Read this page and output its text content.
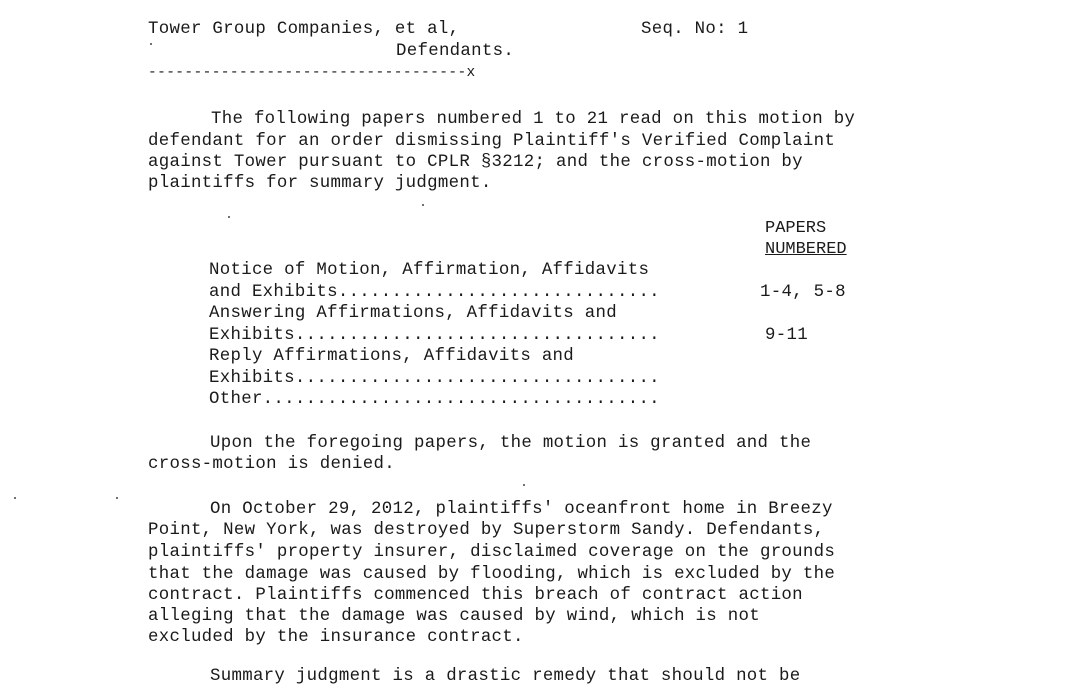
Tower Group Companies, et al,	Seq. No: 1
Defendants.
-----------------------------------x
The following papers numbered 1 to 21 read on this motion by
defendant for an order dismissing Plaintiff's Verified Complaint
against Tower pursuant to CPLR §3212; and the cross-motion by
plaintiffs for summary judgment.
PAPERS
NUMBERED
Notice of Motion, Affirmation, Affidavits
and Exhibits..............................	1-4, 5-8
Answering Affirmations, Affidavits and
Exhibits..................................	9-11
Reply Affirmations, Affidavits and
Exhibits..................................
Other.....................................
Upon the foregoing papers, the motion is granted and the
cross-motion is denied.
On October 29, 2012, plaintiffs' oceanfront home in Breezy
Point, New York, was destroyed by Superstorm Sandy. Defendants,
plaintiffs' property insurer, disclaimed coverage on the grounds
that the damage was caused by flooding, which is excluded by the
contract. Plaintiffs commenced this breach of contract action
alleging that the damage was caused by wind, which is not
excluded by the insurance contract.
Summary judgment is a drastic remedy that should not be
